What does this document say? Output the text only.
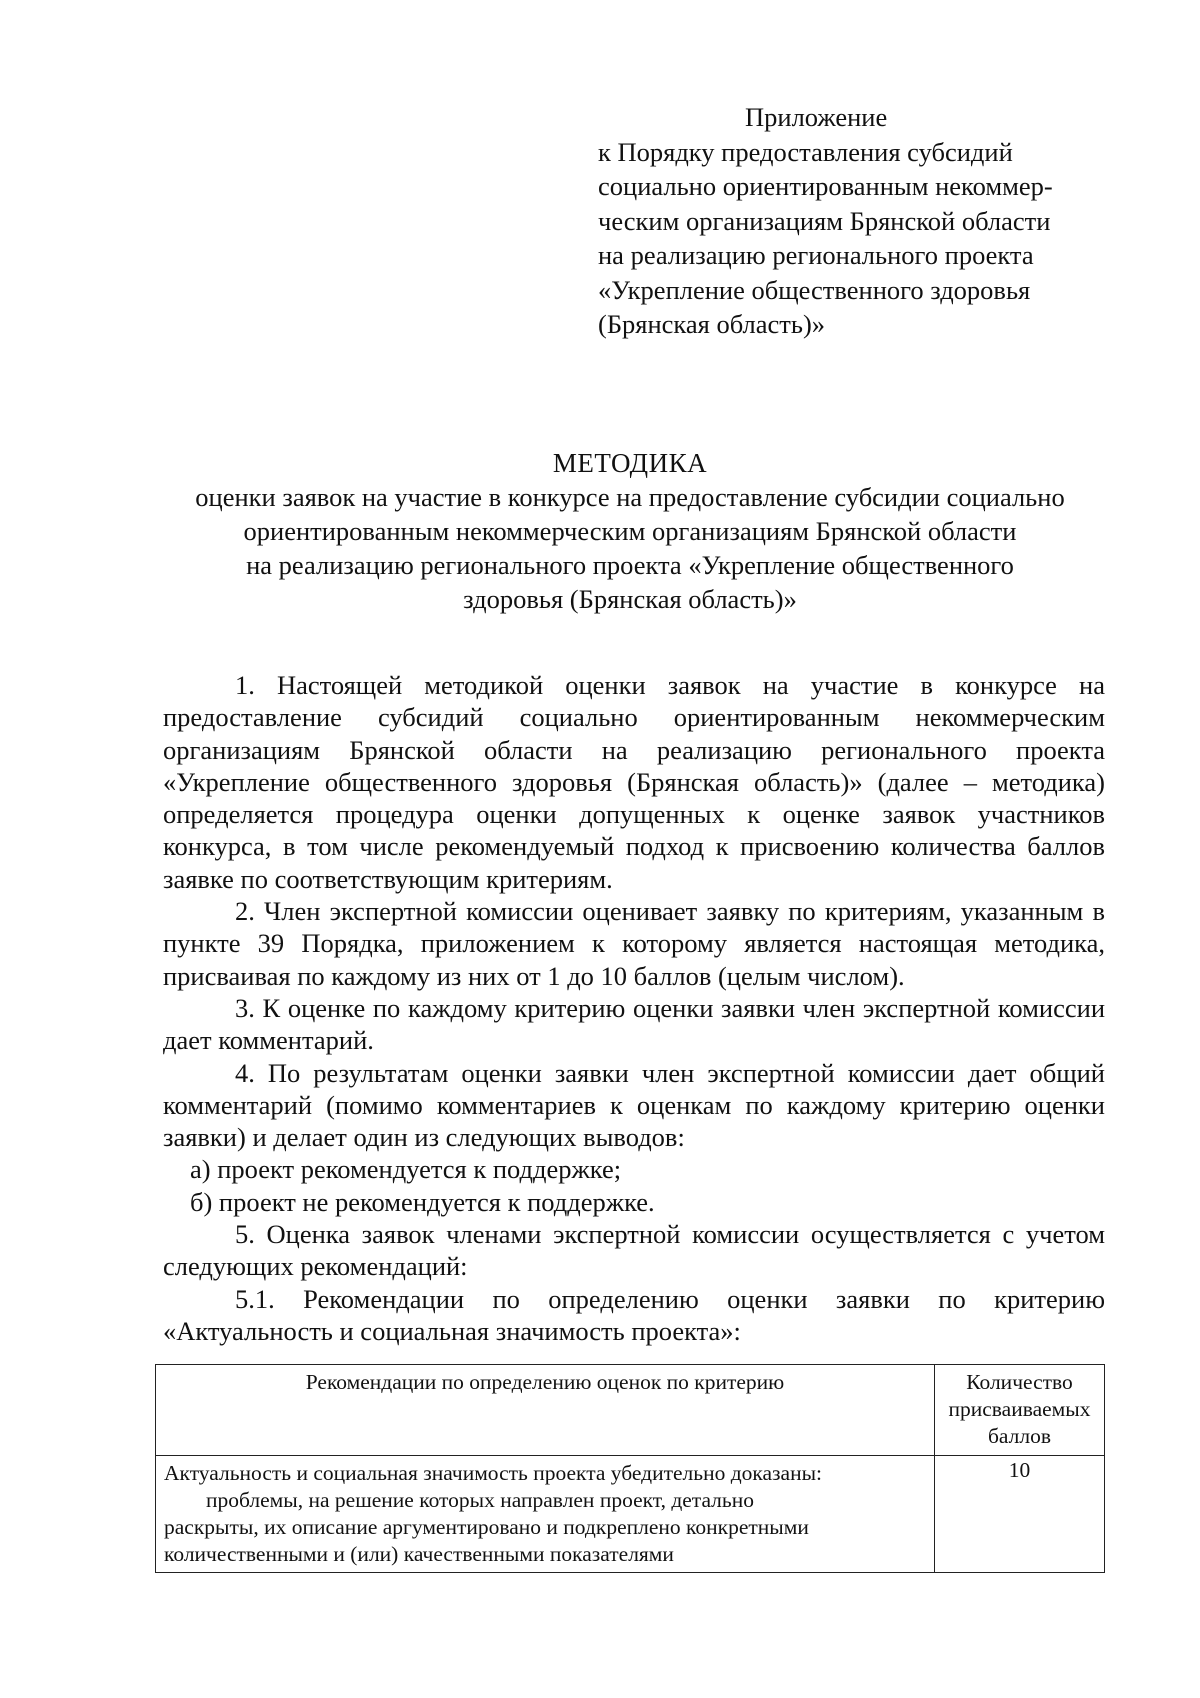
Приложение
к Порядку предоставления субсидий
социально ориентированным некоммер-
ческим организациям Брянской области
на реализацию регионального проекта
«Укрепление общественного здоровья
(Брянская область)»
МЕТОДИКА
оценки заявок на участие в конкурсе на предоставление субсидии социально
ориентированным некоммерческим организациям Брянской области
на реализацию регионального проекта «Укрепление общественного
здоровья (Брянская область)»

1. Настоящей методикой оценки заявок на участие в конкурсе на предоставление субсидий социально ориентированным некоммерческим организациям Брянской области на реализацию регионального проекта «Укрепление общественного здоровья (Брянская область)» (далее – методика) определяется процедура оценки допущенных к оценке заявок участников конкурса, в том числе рекомендуемый подход к присвоению количества баллов заявке по соответствующим критериям.

2. Член экспертной комиссии оценивает заявку по критериям, указанным в пункте 39 Порядка, приложением к которому является настоящая методика, присваивая по каждому из них от 1 до 10 баллов (целым числом).

3. К оценке по каждому критерию оценки заявки член экспертной комиссии дает комментарий.

4. По результатам оценки заявки член экспертной комиссии дает общий комментарий (помимо комментариев к оценкам по каждому критерию оценки заявки) и делает один из следующих выводов:

а) проект рекомендуется к поддержке;

б) проект не рекомендуется к поддержке.

5. Оценка заявок членами экспертной комиссии осуществляется с учетом следующих рекомендаций:

5.1. Рекомендации по определению оценки заявки по критерию «Актуальность и социальная значимость проекта»:

Рекомендации по определению оценок по критерию	Количество присваиваемых баллов

Актуальность и социальная значимость проекта убедительно доказаны:
проблемы, на решение которых направлен проект, детально
раскрыты, их описание аргументировано и подкреплено конкретными количественными и (или) качественными показателями	10
